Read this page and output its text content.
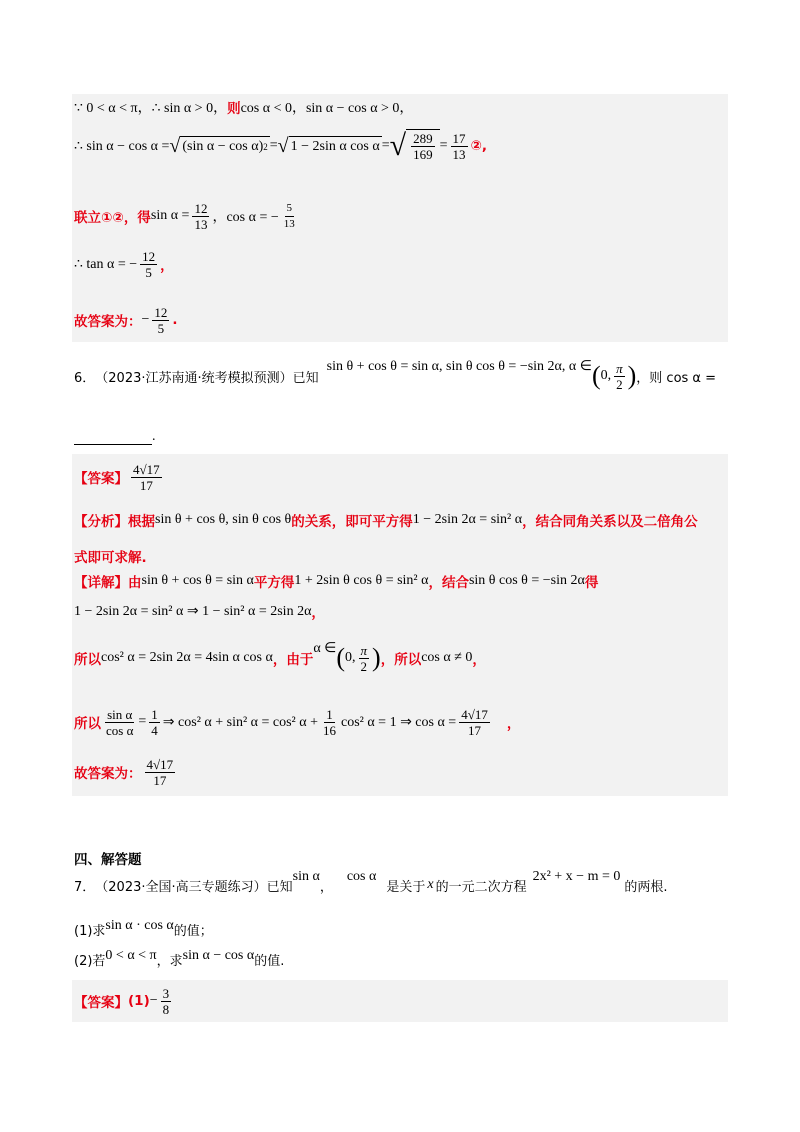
∵ 0 < α < π，∴ sin α > 0， 则 cos α < 0，sin α − cos α > 0，
∴ sin α − cos α = √ (sin α − cos α) 2 = √ 1 − 2sin α cos α = √ $\frac{289}{169} = \frac{17}{13}$ ②,
联立①②，得 $\sin \alpha = \frac{12}{13}$ ，cos α = − $\frac{5}{13}$
∴ tan α = − $\frac{12}{5}$ ，
故答案为： − $\frac{12}{5}$ .
6． （2023·江苏南通·统考模拟预测）已知
sin θ + cos θ = sin α, sin θ cos θ = −sin 2α, α ∈ ( 0, $\frac{\pi}{2}$ ) ，则 cos α =
.
【答案】 $\frac{4√17}{17}$
【分析】 根据 sin θ + cos θ, sin θ cos θ 的关系，即可平方得 1 − 2sin 2α = sin² α ，结合同角关系以及二倍角公
式即可求解.
【详解】 由 sin θ + cos θ = sin α 平方得 1 + 2sin θ cos θ = sin² α ，结合 sin θ cos θ = −sin 2α 得
1 − 2sin 2α = sin² α ⇒ 1 − sin² α = 2sin 2α ，
所以 cos² α = 2sin 2α = 4sin α cos α ，由于
α ∈ ( 0, $\frac{\pi}{2}$ ) ，所以 cos α ≠ 0 ，
所以 $\frac{\text{sin α}}{\text{cos α}} = \frac{1}{4}$ ⇒ cos² α + sin² α = cos² $\alpha + \frac{1}{16} \cos^2$ α = 1 ⇒ $\cos \alpha = \frac{4√17}{17}$ ，
故答案为： $\frac{4√17}{17}$
四、解答题
7． （2023·全国·高三专题练习）已知
sin α
，
cos α
是关于 x 的一元二次方程
2x² + x − m = 0
的两根.
(1)求 sin α · cos α 的值；
(2)若 0 < α < π ，求 sin α − cos α 的值.
【答案】 $(1) - \frac{3}{8}$
